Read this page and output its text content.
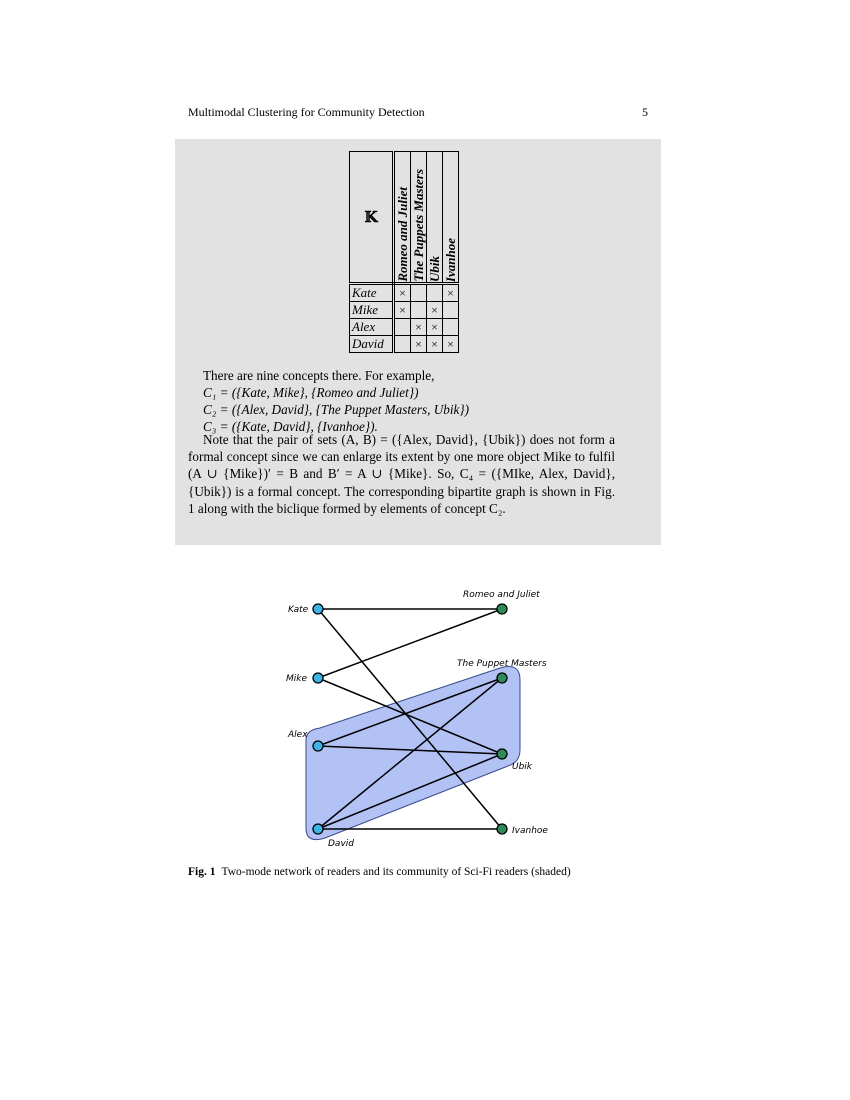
Multimodal Clustering for Community Detection	5
𝕂	Romeo and Juliet	The Puppets Masters	Ubik	Ivanhoe

Kate	×			×
Mike	×		×	
Alex		×	×	
David		×	×	×
There are nine concepts there. For example,
C₁ = ({Kate, Mike}, {Romeo and Juliet})
C₂ = ({Alex, David}, {The Puppet Masters, Ubik})
C₃ = ({Kate, David}, {Ivanhoe}).
Note that the pair of sets (A, B) = ({Alex, David}, {Ubik}) does not form a formal concept since we can enlarge its extent by one more object Mike to fulfil (A ∪ {Mike})′ = B and B′ = A ∪ {Mike}. So, C₄ = ({MIke, Alex, David}, {Ubik}) is a formal concept. The corresponding bipartite graph is shown in Fig. 1 along with the biclique formed by elements of concept C₂.
Kate
Mike
Alex
David
Romeo and Juliet
The Puppet Masters
Ubik
Ivanhoe
Fig. 1 Two-mode network of readers and its community of Sci-Fi readers (shaded)
